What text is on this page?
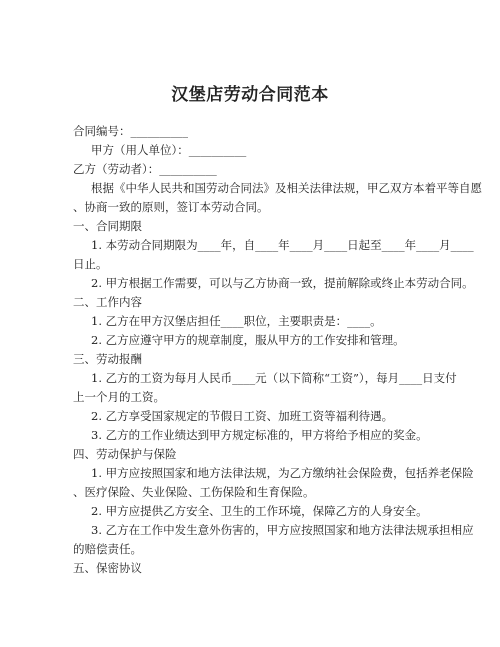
汉堡店劳动合同范本
合同编号：__________
甲方（用人单位）：__________
乙方（劳动者）：__________
根据《中华人民共和国劳动合同法》及相关法律法规，甲乙双方本着平等自愿
、协商一致的原则，签订本劳动合同。
一、合同期限
1. 本劳动合同期限为____年，自____年____月____日起至____年____月____
日止。
2. 甲方根据工作需要，可以与乙方协商一致，提前解除或终止本劳动合同。
二、工作内容
1. 乙方在甲方汉堡店担任____职位，主要职责是：____。
2. 乙方应遵守甲方的规章制度，服从甲方的工作安排和管理。
三、劳动报酬
1. 乙方的工资为每月人民币____元（以下简称“工资”），每月____日支付
上一个月的工资。
2. 乙方享受国家规定的节假日工资、加班工资等福利待遇。
3. 乙方的工作业绩达到甲方规定标准的，甲方将给予相应的奖金。
四、劳动保护与保险
1. 甲方应按照国家和地方法律法规，为乙方缴纳社会保险费，包括养老保险
、医疗保险、失业保险、工伤保险和生育保险。
2. 甲方应提供乙方安全、卫生的工作环境，保障乙方的人身安全。
3. 乙方在工作中发生意外伤害的，甲方应按照国家和地方法律法规承担相应
的赔偿责任。
五、保密协议
